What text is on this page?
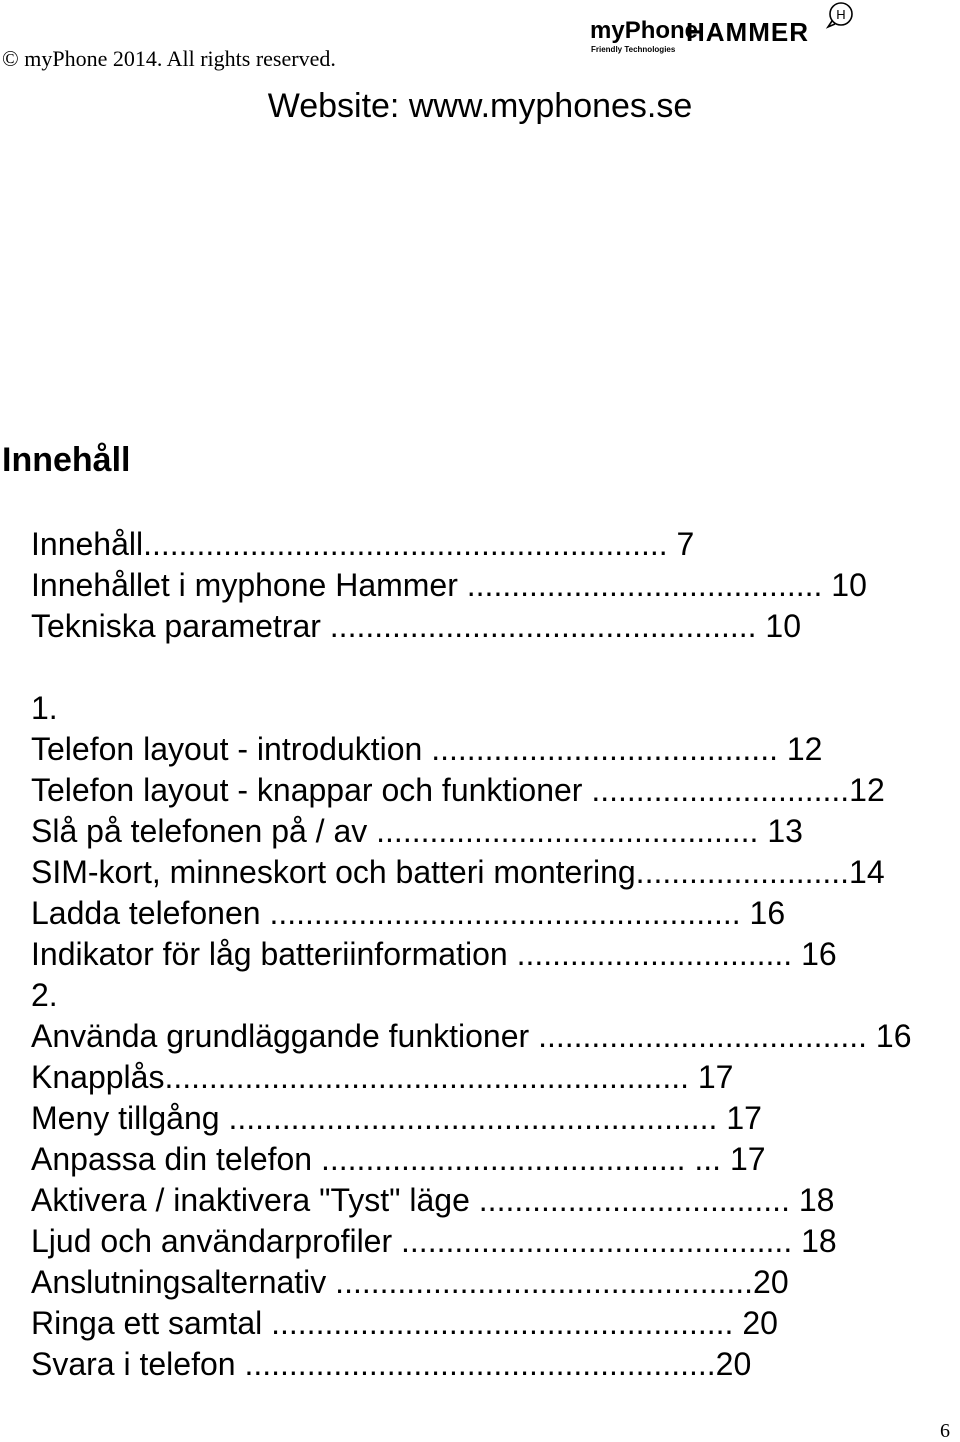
© myPhone 2014. All rights reserved.
myPhone
Friendly Technologies
HAMMER
H
Website: www.myphones.se
Innehåll
Innehåll........................................................... 7
Innehållet i myphone Hammer ........................................ 10
Tekniska parametrar ................................................ 10
1.
Telefon layout - introduktion ....................................... 12
Telefon layout - knappar och funktioner .............................12
Slå på telefonen på / av ........................................... 13
SIM-kort, minneskort och batteri montering........................14
Ladda telefonen ..................................................... 16
Indikator för låg batteriinformation ............................... 16
2.
Använda grundläggande funktioner ..................................... 16
Knapplås........................................................... 17
Meny tillgång ....................................................... 17
Anpassa din telefon ......................................... ... 17
Aktivera / inaktivera "Tyst" läge ................................... 18
Ljud och användarprofiler ............................................ 18
Anslutningsalternativ ...............................................20
Ringa ett samtal .................................................... 20
Svara i telefon .....................................................20
6
